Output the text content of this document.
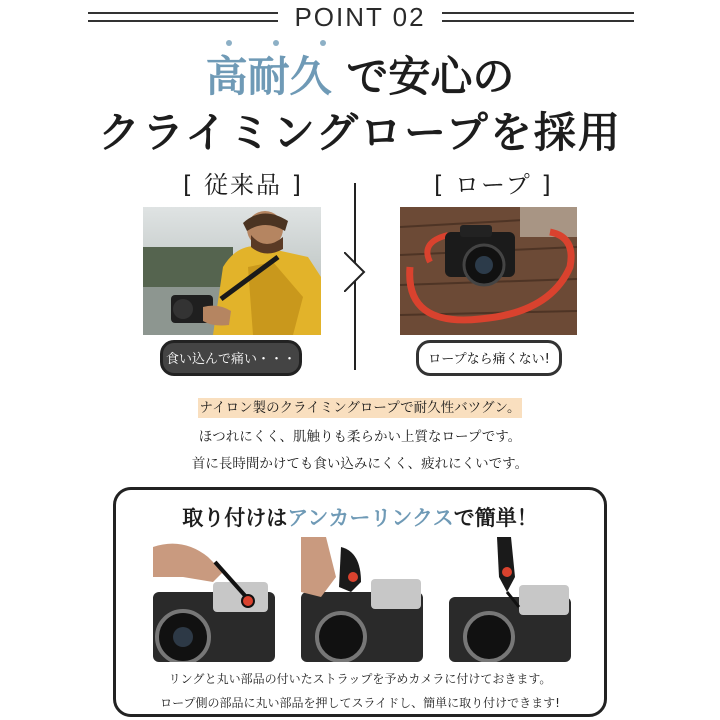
POINT 02
高耐久 で安心の
クライミングロープを採用
[ 従来品 ]	[ ロープ ]
食い込んで痛い・・・	ロープなら痛くない!
ナイロン製のクライミングロープで耐久性バツグン。
ほつれにくく、肌触りも柔らかい上質なロープです。
首に長時間かけても食い込みにくく、疲れにくいです。
取り付けはアンカーリンクスで簡単！
リングと丸い部品の付いたストラップを予めカメラに付けておきます。
ロープ側の部品に丸い部品を押してスライドし、簡単に取り付けできます!
